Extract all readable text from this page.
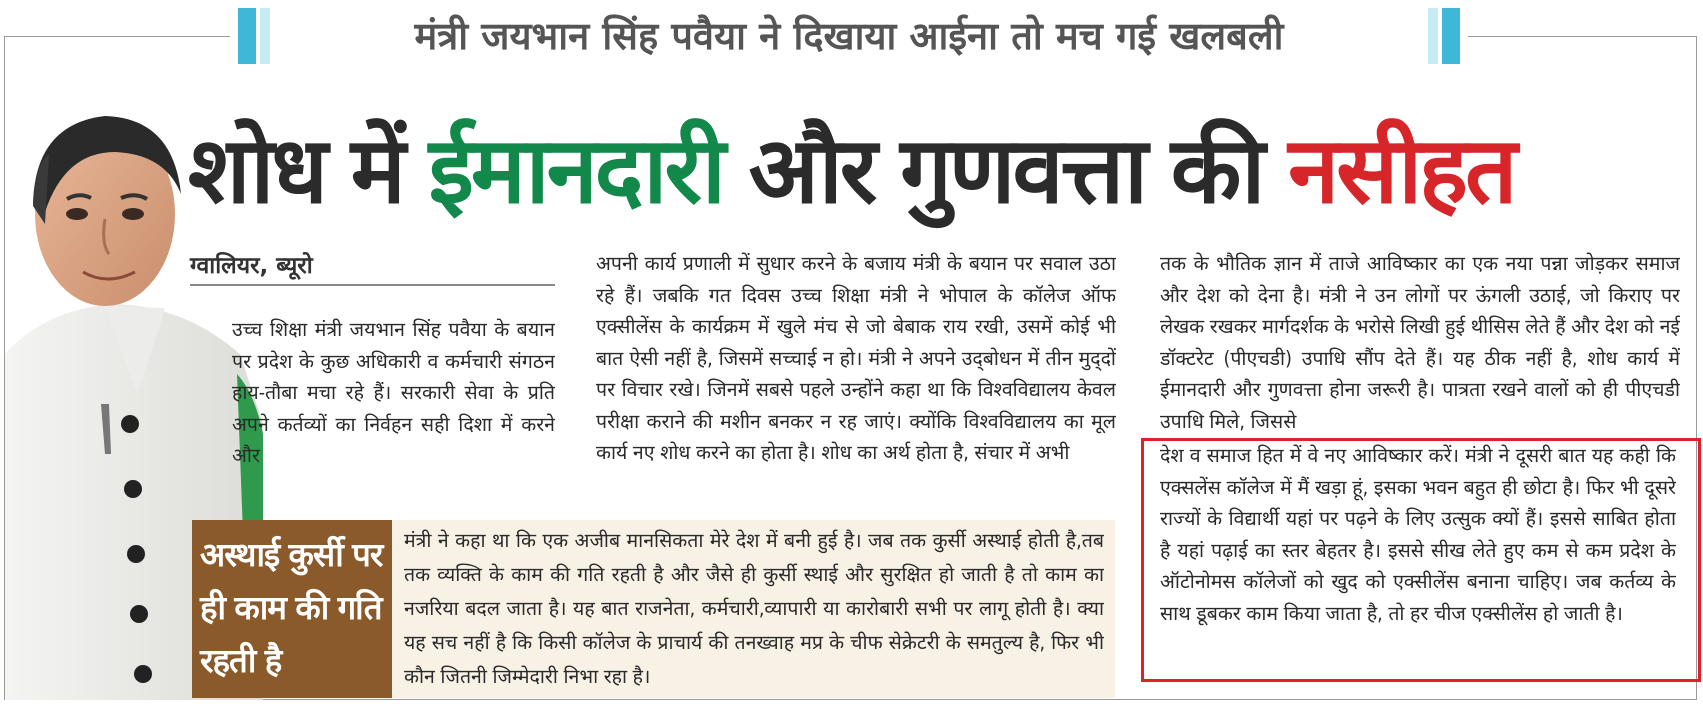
मंत्री जयभान सिंह पवैया ने दिखाया आईना तो मच गई खलबली
शोध में ईमानदारी और गुणवत्ता की नसीहत
ग्वालियर, ब्यूरो

उच्च शिक्षा मंत्री जयभान सिंह पवैया के बयान पर प्रदेश के कुछ अधिकारी व कर्मचारी संगठन हाय-तौबा मचा रहे हैं। सरकारी सेवा के प्रति अपने कर्तव्यों का निर्वहन सही दिशा में करने और

अपनी कार्य प्रणाली में सुधार करने के बजाय मंत्री के बयान पर सवाल उठा रहे हैं। जबकि गत दिवस उच्च शिक्षा मंत्री ने भोपाल के कॉलेज ऑफ एक्सीलेंस के कार्यक्रम में खुले मंच से जो बेबाक राय रखी, उसमें कोई भी बात ऐसी नहीं है, जिसमें सच्चाई न हो। मंत्री ने अपने उद्‌बोधन में तीन मुद्‌दों पर विचार रखे। जिनमें सबसे पहले उन्होंने कहा था कि विश्वविद्यालय केवल परीक्षा कराने की मशीन बनकर न रह जाएं। क्योंकि विश्वविद्यालय का मूल कार्य नए शोध करने का होता है। शोध का अर्थ होता है, संचार में अभी

तक के भौतिक ज्ञान में ताजे आविष्कार का एक नया पन्ना जोड़कर समाज और देश को देना है। मंत्री ने उन लोगों पर ऊंगली उठाई, जो किराए पर लेखक रखकर मार्गदर्शक के भरोसे लिखी हुई थीसिस लेते हैं और देश को नई डॉक्टरेट (पीएचडी) उपाधि सौंप देते हैं। यह ठीक नहीं है, शोध कार्य में ईमानदारी और गुणवत्ता होना जरूरी है। पात्रता रखने वालों को ही पीएचडी उपाधि मिले, जिससे

देश व समाज हित में वे नए आविष्कार करें। मंत्री ने दूसरी बात यह कही कि एक्सलेंस कॉलेज में मैं खड़ा हूं, इसका भवन बहुत ही छोटा है। फिर भी दूसरे राज्यों के विद्यार्थी यहां पर पढ़ने के लिए उत्सुक क्यों हैं। इससे साबित होता है यहां पढ़ाई का स्तर बेहतर है। इससे सीख लेते हुए कम से कम प्रदेश के ऑटोनोमस कॉलेजों को खुद को एक्सीलेंस बनाना चाहिए। जब कर्तव्य के साथ डूबकर काम किया जाता है, तो हर चीज एक्सीलेंस हो जाती है।

अस्थाई कुर्सी पर ही काम की गति रहती है
मंत्री ने कहा था कि एक अजीब मानसिकता मेरे देश में बनी हुई है। जब तक कुर्सी अस्थाई होती है,तब तक व्यक्ति के काम की गति रहती है और जैसे ही कुर्सी स्थाई और सुरक्षित हो जाती है तो काम का नजरिया बदल जाता है। यह बात राजनेता, कर्मचारी,व्यापारी या कारोबारी सभी पर लागू होती है। क्या यह सच नहीं है कि किसी कॉलेज के प्राचार्य की तनख्वाह मप्र के चीफ सेक्रेटरी के समतुल्य है, फिर भी कौन जितनी जिम्मेदारी निभा रहा है।
